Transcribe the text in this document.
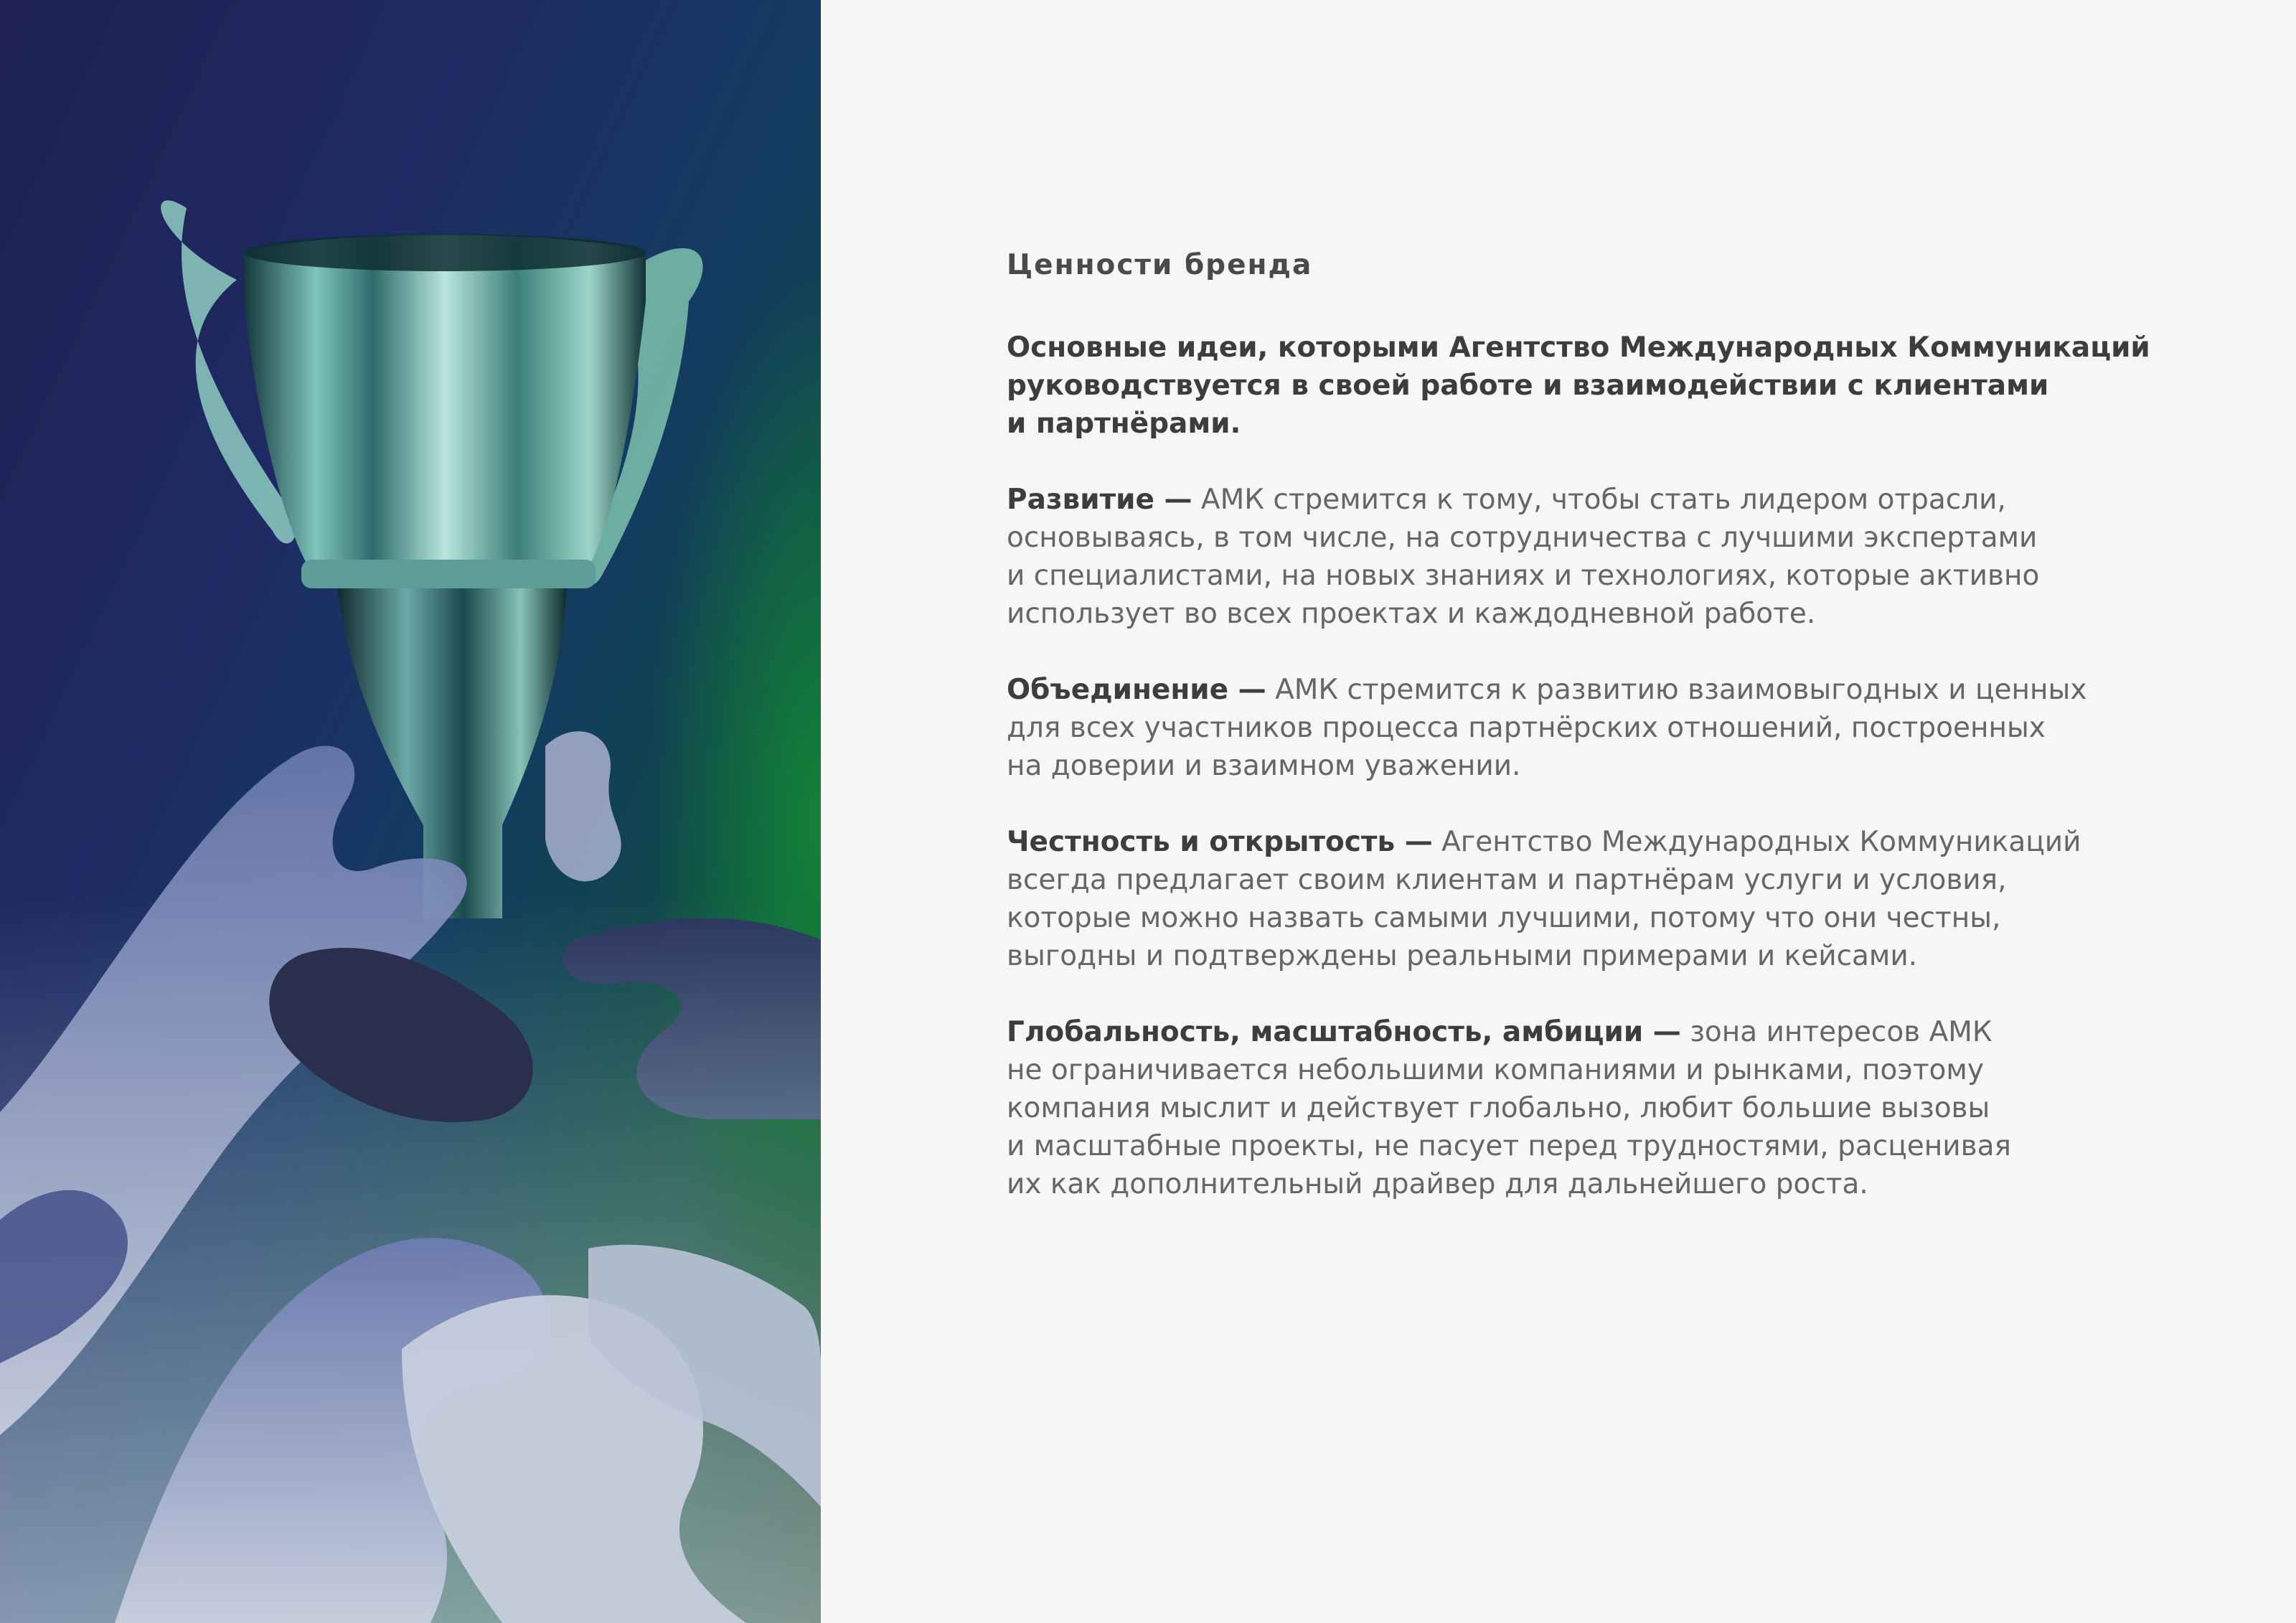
Ценности бренда

Основные идеи, которыми Агентство Международных Коммуникаций
руководствуется в своей работе и взаимодействии с клиентами
и партнёрами.

Развитие — АМК стремится к тому, чтобы стать лидером отрасли,
основываясь, в том числе, на сотрудничества с лучшими экспертами
и специалистами, на новых знаниях и технологиях, которые активно
использует во всех проектах и каждодневной работе.

Объединение — АМК стремится к развитию взаимовыгодных и ценных
для всех участников процесса партнёрских отношений, построенных
на доверии и взаимном уважении.

Честность и открытость — Агентство Международных Коммуникаций
всегда предлагает своим клиентам и партнёрам услуги и условия,
которые можно назвать самыми лучшими, потому что они честны,
выгодны и подтверждены реальными примерами и кейсами.

Глобальность, масштабность, амбиции — зона интересов АМК
не ограничивается небольшими компаниями и рынками, поэтому
компания мыслит и действует глобально, любит большие вызовы
и масштабные проекты, не пасует перед трудностями, расценивая
их как дополнительный драйвер для дальнейшего роста.
